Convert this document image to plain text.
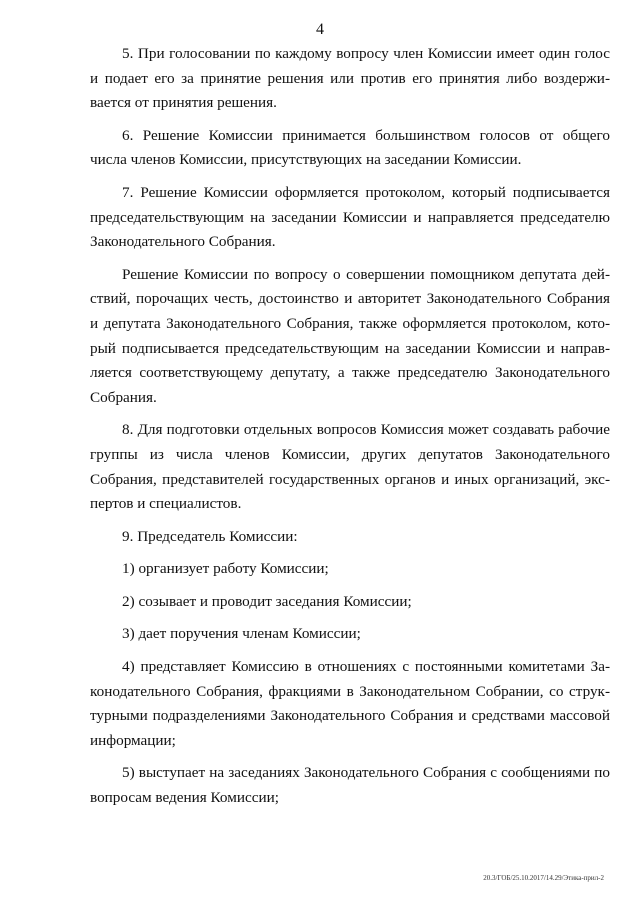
4

5. При голосовании по каждому вопросу член Комиссии имеет один голос и подает его за принятие решения или против его принятия либо воздерживается от принятия решения.

6. Решение Комиссии принимается большинством голосов от общего числа членов Комиссии, присутствующих на заседании Комиссии.

7. Решение Комиссии оформляется протоколом, который подписывается председательствующим на заседании Комиссии и направляется председателю Законодательного Собрания.

Решение Комиссии по вопросу о совершении помощником депутата действий, порочащих честь, достоинство и авторитет Законодательного Собрания и депутата Законодательного Собрания, также оформляется протоколом, который подписывается председательствующим на заседании Комиссии и направляется соответствующему депутату, а также председателю Законодательного Собрания.

8. Для подготовки отдельных вопросов Комиссия может создавать рабочие группы из числа членов Комиссии, других депутатов Законодательного Собрания, представителей государственных органов и иных организаций, экспертов и специалистов.

9. Председатель Комиссии:

1) организует работу Комиссии;

2) созывает и проводит заседания Комиссии;

3) дает поручения членам Комиссии;

4) представляет Комиссию в отношениях с постоянными комитетами Законодательного Собрания, фракциями в Законодательном Собрании, со структурными подразделениями Законодательного Собрания и средствами массовой информации;

5) выступает на заседаниях Законодательного Собрания с сообщениями по вопросам ведения Комиссии;

20.3/ГОБ/25.10.2017/14.29/Этика-прил-2
